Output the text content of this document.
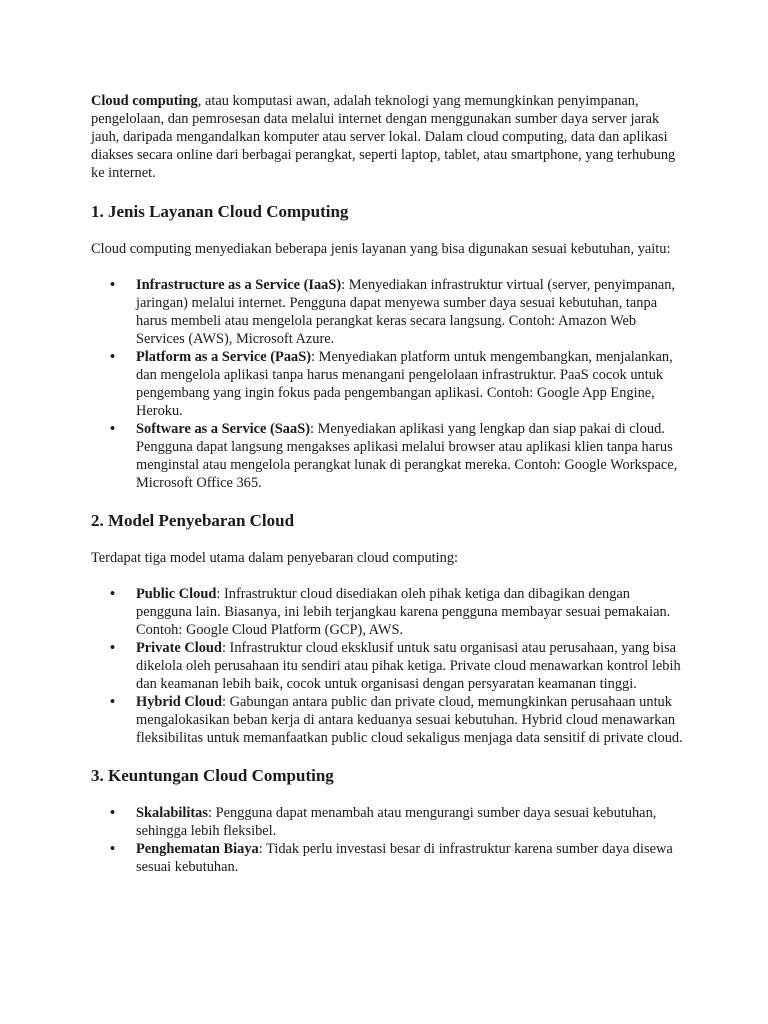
Cloud computing, atau komputasi awan, adalah teknologi yang memungkinkan penyimpanan, pengelolaan, dan pemrosesan data melalui internet dengan menggunakan sumber daya server jarak jauh, daripada mengandalkan komputer atau server lokal. Dalam cloud computing, data dan aplikasi diakses secara online dari berbagai perangkat, seperti laptop, tablet, atau smartphone, yang terhubung ke internet.

1. Jenis Layanan Cloud Computing

Cloud computing menyediakan beberapa jenis layanan yang bisa digunakan sesuai kebutuhan, yaitu:

• Infrastructure as a Service (IaaS): Menyediakan infrastruktur virtual (server, penyimpanan, jaringan) melalui internet. Pengguna dapat menyewa sumber daya sesuai kebutuhan, tanpa harus membeli atau mengelola perangkat keras secara langsung. Contoh: Amazon Web Services (AWS), Microsoft Azure.
• Platform as a Service (PaaS): Menyediakan platform untuk mengembangkan, menjalankan, dan mengelola aplikasi tanpa harus menangani pengelolaan infrastruktur. PaaS cocok untuk pengembang yang ingin fokus pada pengembangan aplikasi. Contoh: Google App Engine, Heroku.
• Software as a Service (SaaS): Menyediakan aplikasi yang lengkap dan siap pakai di cloud. Pengguna dapat langsung mengakses aplikasi melalui browser atau aplikasi klien tanpa harus menginstal atau mengelola perangkat lunak di perangkat mereka. Contoh: Google Workspace, Microsoft Office 365.
2. Model Penyebaran Cloud

Terdapat tiga model utama dalam penyebaran cloud computing:

• Public Cloud: Infrastruktur cloud disediakan oleh pihak ketiga dan dibagikan dengan pengguna lain. Biasanya, ini lebih terjangkau karena pengguna membayar sesuai pemakaian. Contoh: Google Cloud Platform (GCP), AWS.
• Private Cloud: Infrastruktur cloud eksklusif untuk satu organisasi atau perusahaan, yang bisa dikelola oleh perusahaan itu sendiri atau pihak ketiga. Private cloud menawarkan kontrol lebih dan keamanan lebih baik, cocok untuk organisasi dengan persyaratan keamanan tinggi.
• Hybrid Cloud: Gabungan antara public dan private cloud, memungkinkan perusahaan untuk mengalokasikan beban kerja di antara keduanya sesuai kebutuhan. Hybrid cloud menawarkan fleksibilitas untuk memanfaatkan public cloud sekaligus menjaga data sensitif di private cloud.
3. Keuntungan Cloud Computing
• Skalabilitas: Pengguna dapat menambah atau mengurangi sumber daya sesuai kebutuhan, sehingga lebih fleksibel.
• Penghematan Biaya: Tidak perlu investasi besar di infrastruktur karena sumber daya disewa sesuai kebutuhan.
